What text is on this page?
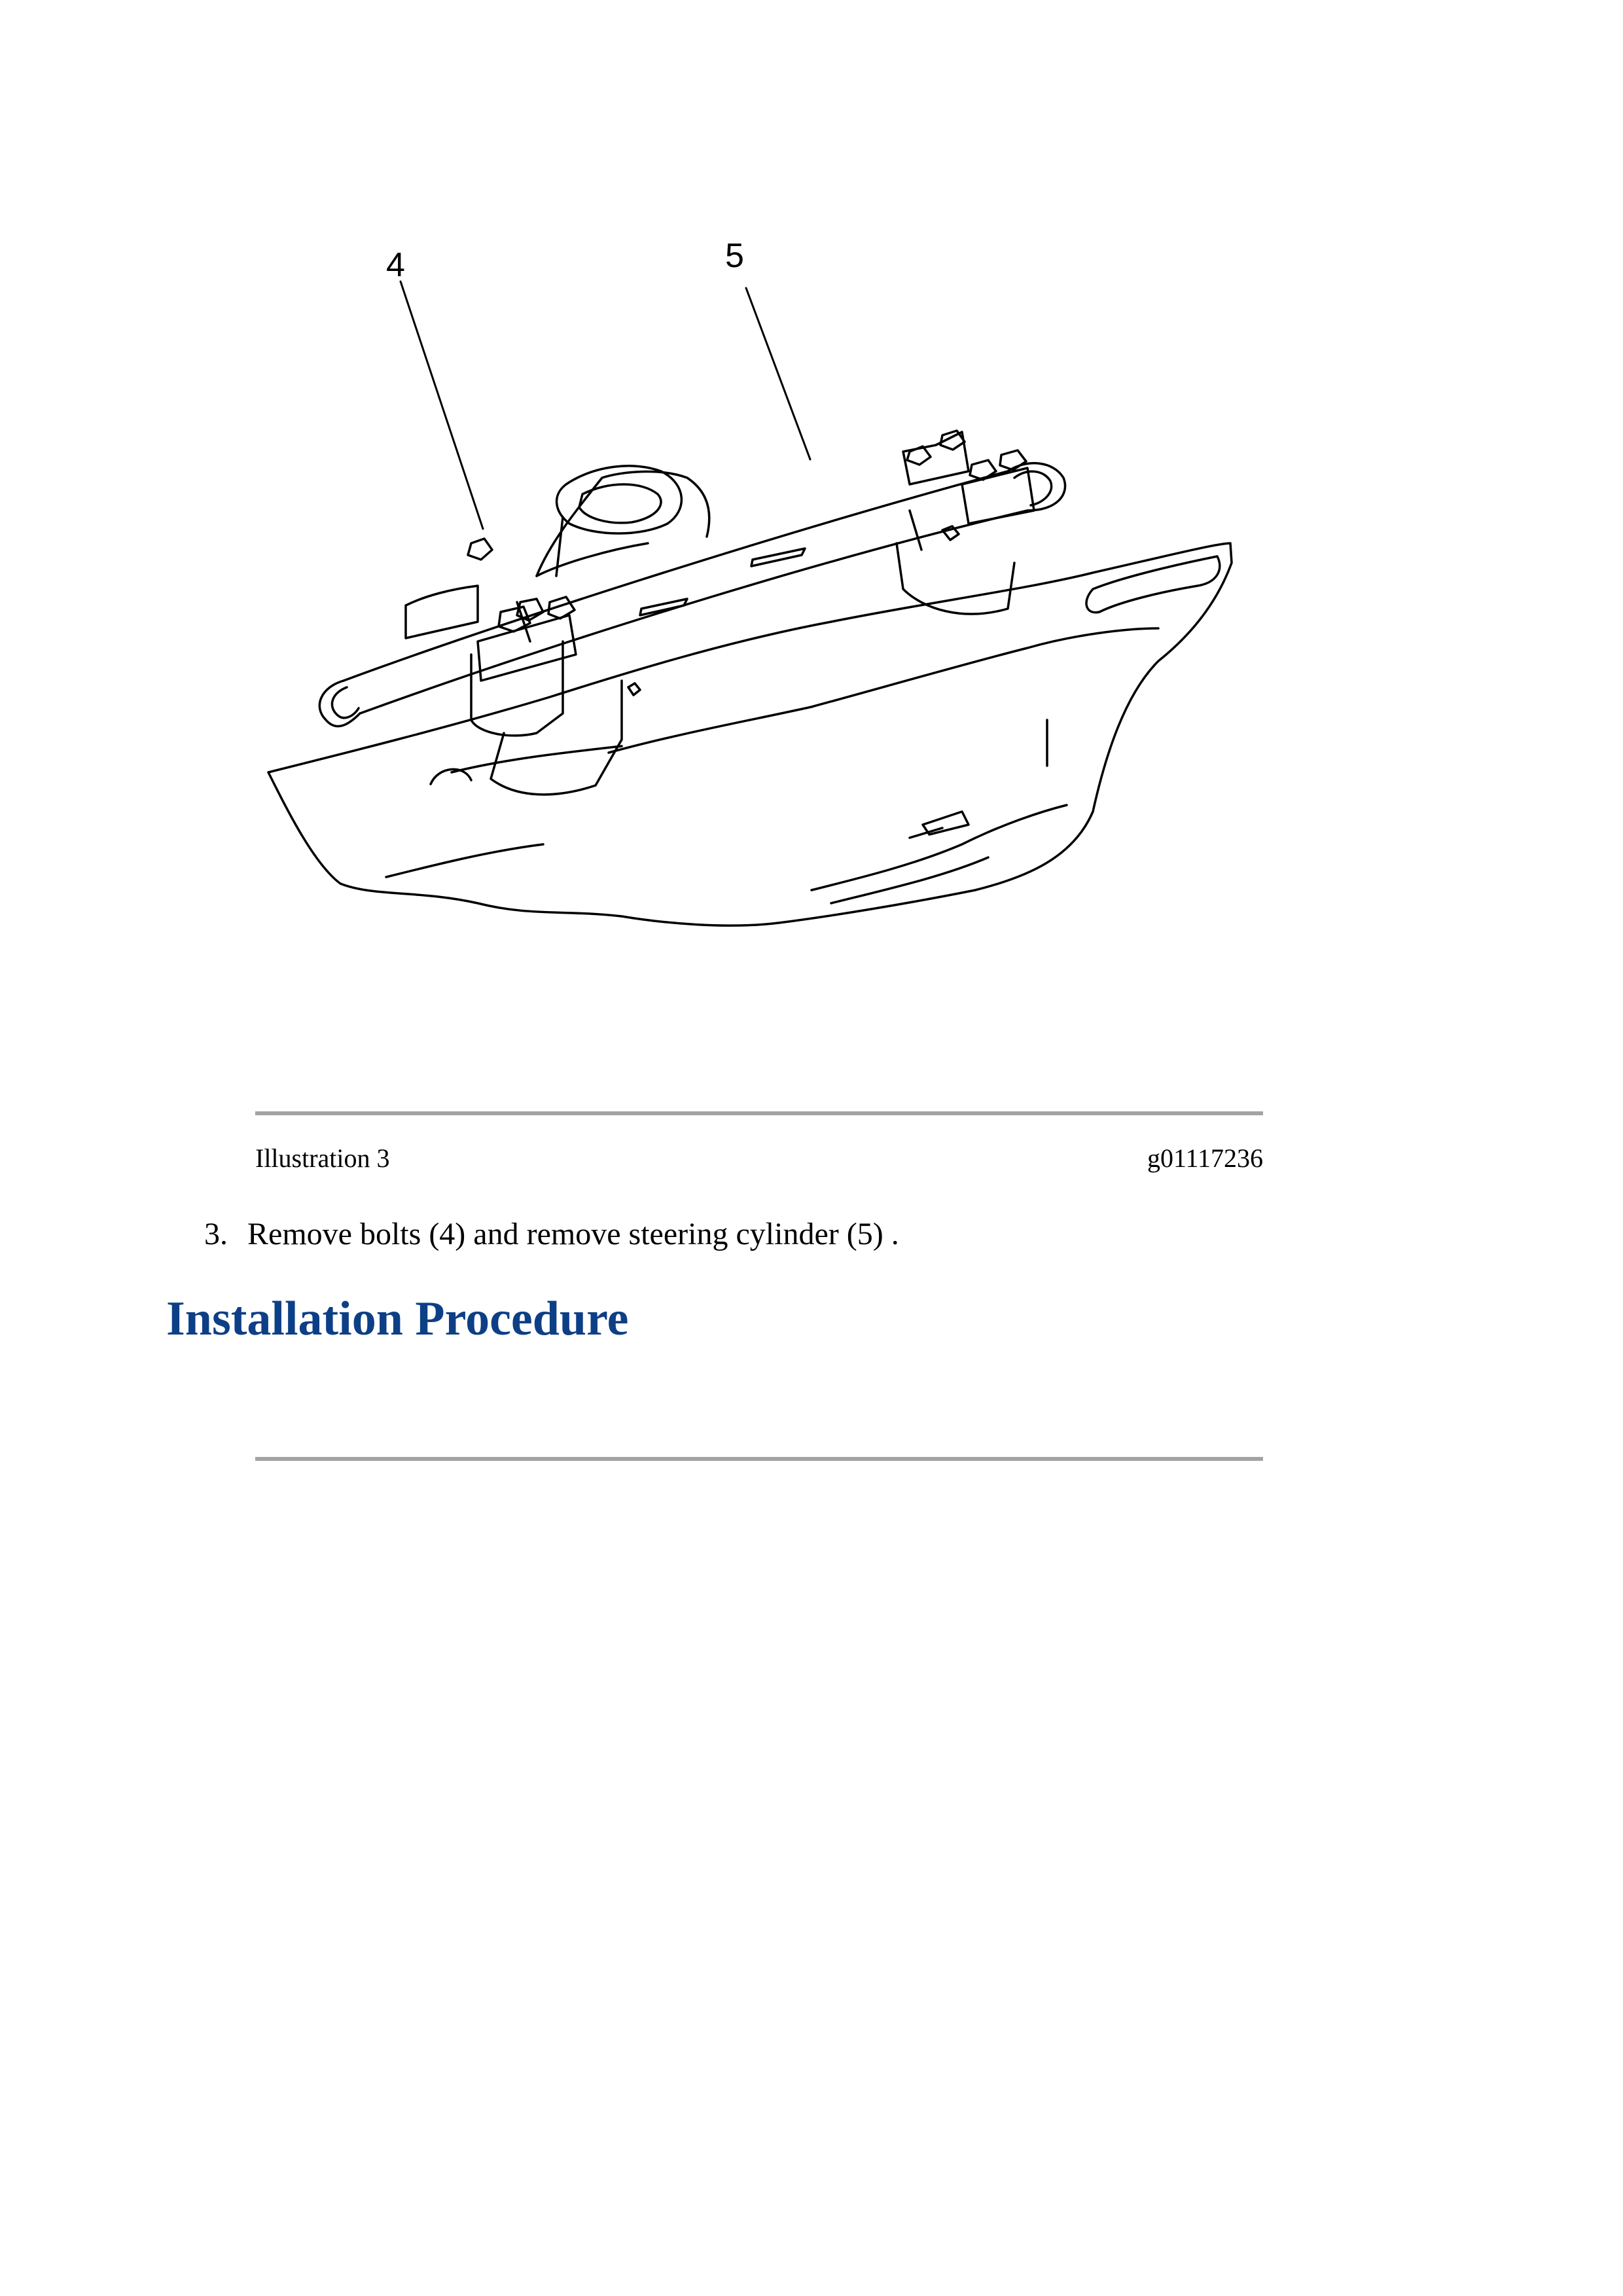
4	5
Illustration 3	g01117236
3. Remove bolts (4) and remove steering cylinder (5) .
Installation Procedure
